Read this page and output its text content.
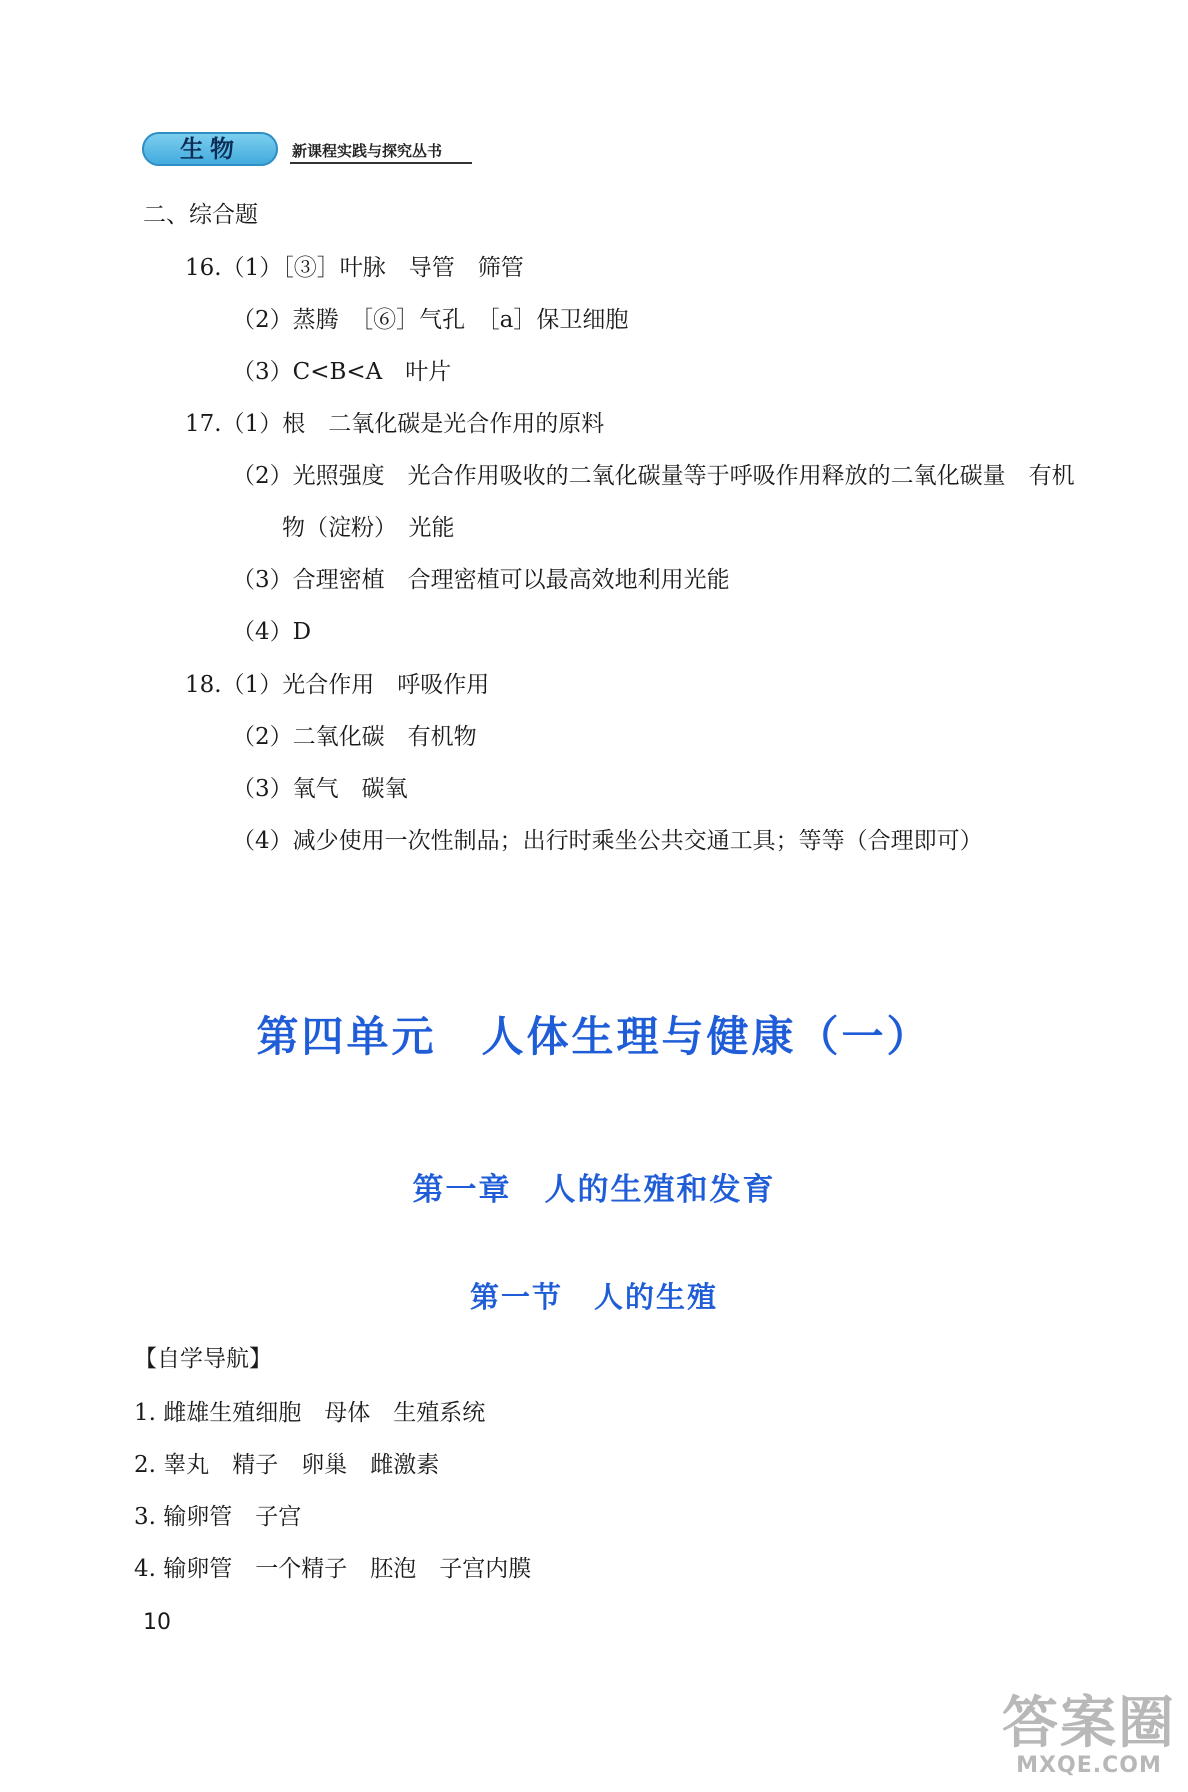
生物	新课程实践与探究丛书
二、综合题
16.（1）［③］叶脉　导管　筛管
（2）蒸腾　［⑥］气孔　［a］保卫细胞
（3）C<B<A　叶片
17.（1）根　二氧化碳是光合作用的原料
（2）光照强度　光合作用吸收的二氧化碳量等于呼吸作用释放的二氧化碳量　有机
物（淀粉）　光能
（3）合理密植　合理密植可以最高效地利用光能
（4）D
18.（1）光合作用　呼吸作用
（2）二氧化碳　有机物
（3）氧气　碳氧
（4）减少使用一次性制品；出行时乘坐公共交通工具；等等（合理即可）
第四单元　人体生理与健康（一）
第一章　人的生殖和发育
第一节　人的生殖
【自学导航】
1. 雌雄生殖细胞　母体　生殖系统
2. 睾丸　精子　卵巢　雌激素
3. 输卵管　子宫
4. 输卵管　一个精子　胚泡　子宫内膜
10
答案圈
MXQE.COM
